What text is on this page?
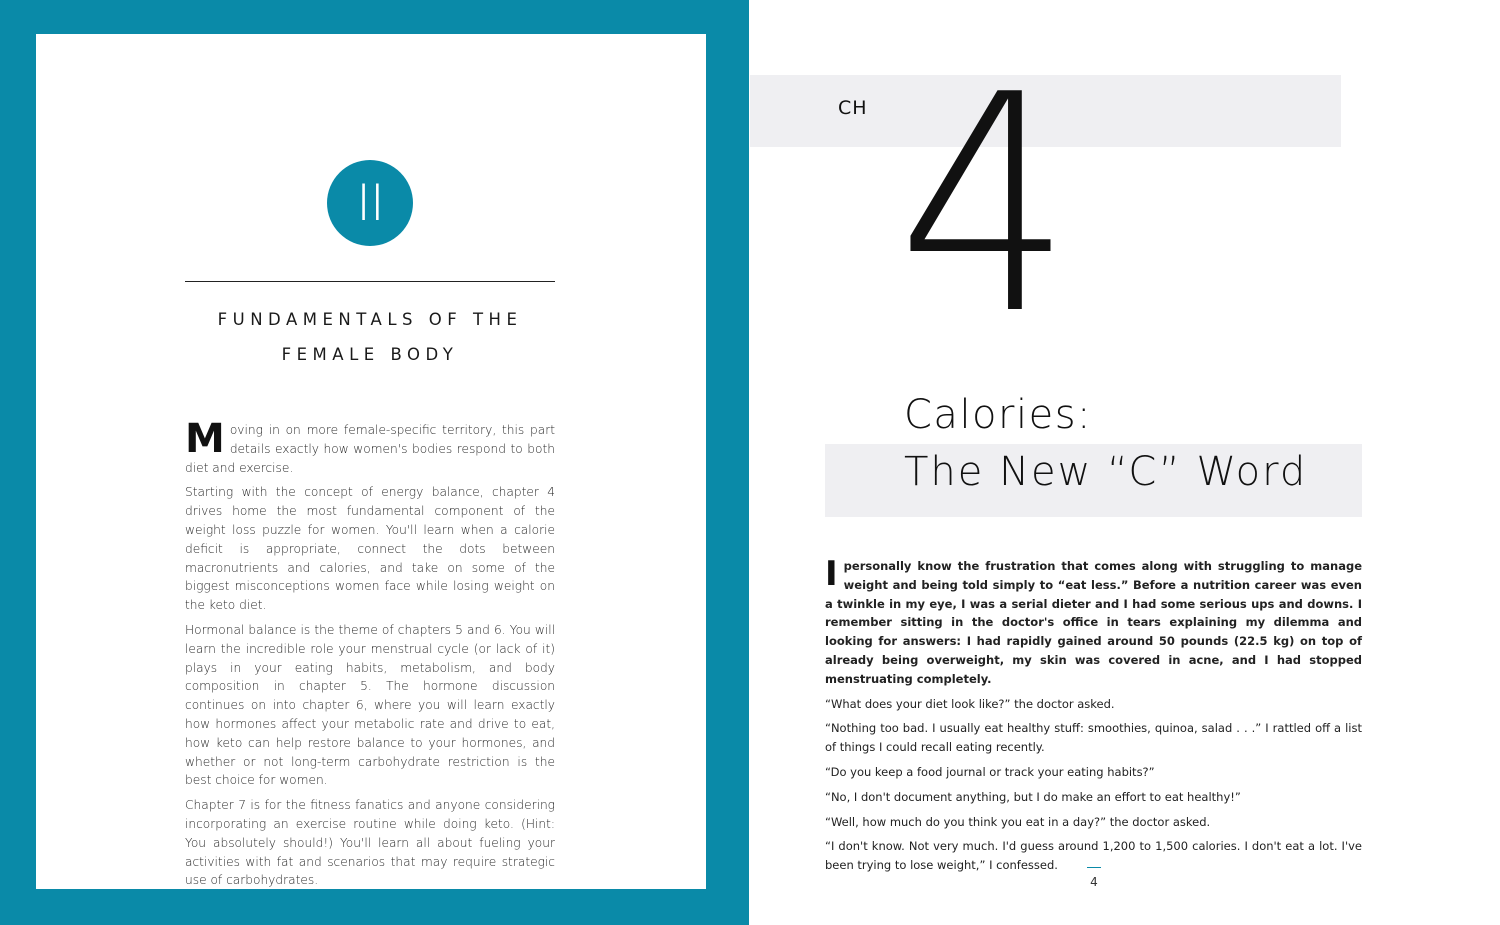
II
FUNDAMENTALS OF THE
FEMALE BODY

Moving in on more female-specific territory, this part details exactly how women's bodies respond to both diet and exercise.

Starting with the concept of energy balance, chapter 4 drives home the most fundamental component of the weight loss puzzle for women. You'll learn when a calorie deficit is appropriate, connect the dots between macronutrients and calories, and take on some of the biggest misconceptions women face while losing weight on the keto diet.

Hormonal balance is the theme of chapters 5 and 6. You will learn the incredible role your menstrual cycle (or lack of it) plays in your eating habits, metabolism, and body composition in chapter 5. The hormone discussion continues on into chapter 6, where you will learn exactly how hormones affect your metabolic rate and drive to eat, how keto can help restore balance to your hormones, and whether or not long-term carbohydrate restriction is the best choice for women.

Chapter 7 is for the fitness fanatics and anyone considering incorporating an exercise routine while doing keto. (Hint: You absolutely should!) You'll learn all about fueling your activities with fat and scenarios that may require strategic use of carbohydrates.

CH 4
Calories:
The New “C” Word

Ipersonally know the frustration that comes along with struggling to manage weight and being told simply to “eat less.” Before a nutrition career was even a twinkle in my eye, I was a serial dieter and I had some serious ups and downs. I remember sitting in the doctor's office in tears explaining my dilemma and looking for answers: I had rapidly gained around 50 pounds (22.5 kg) on top of already being overweight, my skin was covered in acne, and I had stopped menstruating completely.

“What does your diet look like?” the doctor asked.

“Nothing too bad. I usually eat healthy stuff: smoothies, quinoa, salad . . .” I rattled off a list of things I could recall eating recently.

“Do you keep a food journal or track your eating habits?”

“No, I don't document anything, but I do make an effort to eat healthy!”

“Well, how much do you think you eat in a day?” the doctor asked.

“I don't know. Not very much. I'd guess around 1,200 to 1,500 calories. I don't eat a lot. I've been trying to lose weight,” I confessed.

4
